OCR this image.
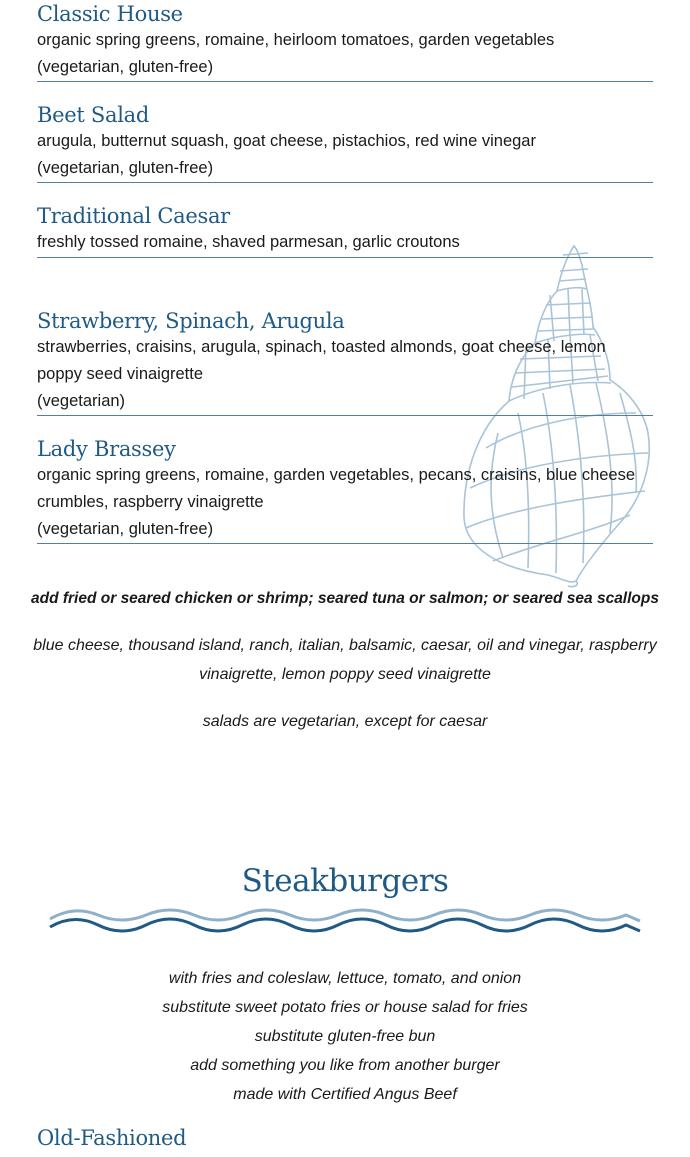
Classic House

organic spring greens, romaine, heirloom tomatoes, garden vegetables

(vegetarian, gluten-free)

Beet Salad

arugula, butternut squash, goat cheese, pistachios, red wine vinegar

(vegetarian, gluten-free)

Traditional Caesar

freshly tossed romaine, shaved parmesan, garlic croutons

Strawberry, Spinach, Arugula

strawberries, craisins, arugula, spinach, toasted almonds, goat cheese, lemon

poppy seed vinaigrette

(vegetarian)

Lady Brassey

organic spring greens, romaine, garden vegetables, pecans, craisins, blue cheese

crumbles, raspberry vinaigrette

(vegetarian, gluten-free)

add fried or seared chicken or shrimp; seared tuna or salmon; or seared sea scallops
blue cheese, thousand island, ranch, italian, balsamic, caesar, oil and vinegar, raspberry
vinaigrette, lemon poppy seed vinaigrette
salads are vegetarian, except for caesar
Steakburgers
with fries and coleslaw, lettuce, tomato, and onion
substitute sweet potato fries or house salad for fries
substitute gluten-free bun
add something you like from another burger
made with Certified Angus Beef

Old-Fashioned
